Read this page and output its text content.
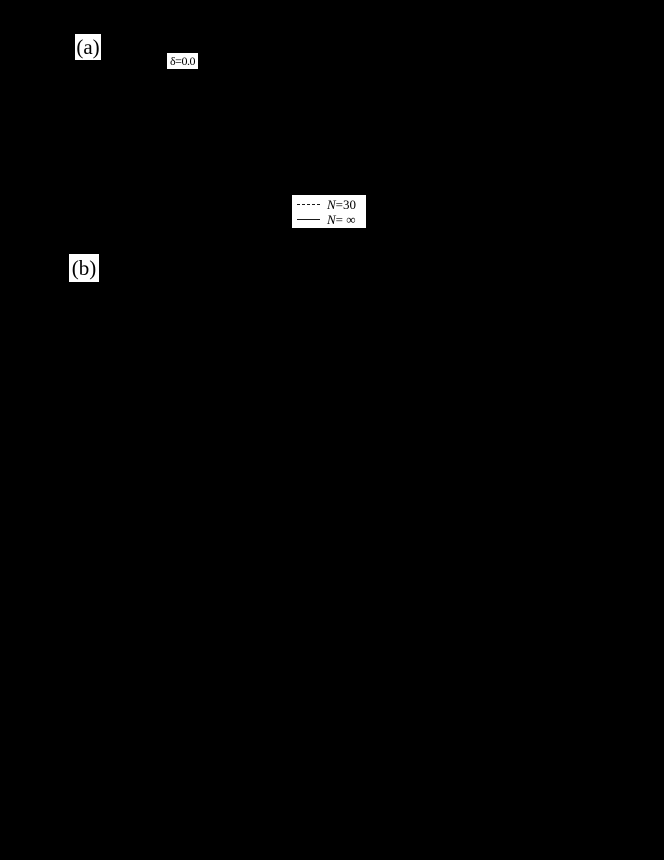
(a)
δ=0.0
N=30
N= ∞
(b)
